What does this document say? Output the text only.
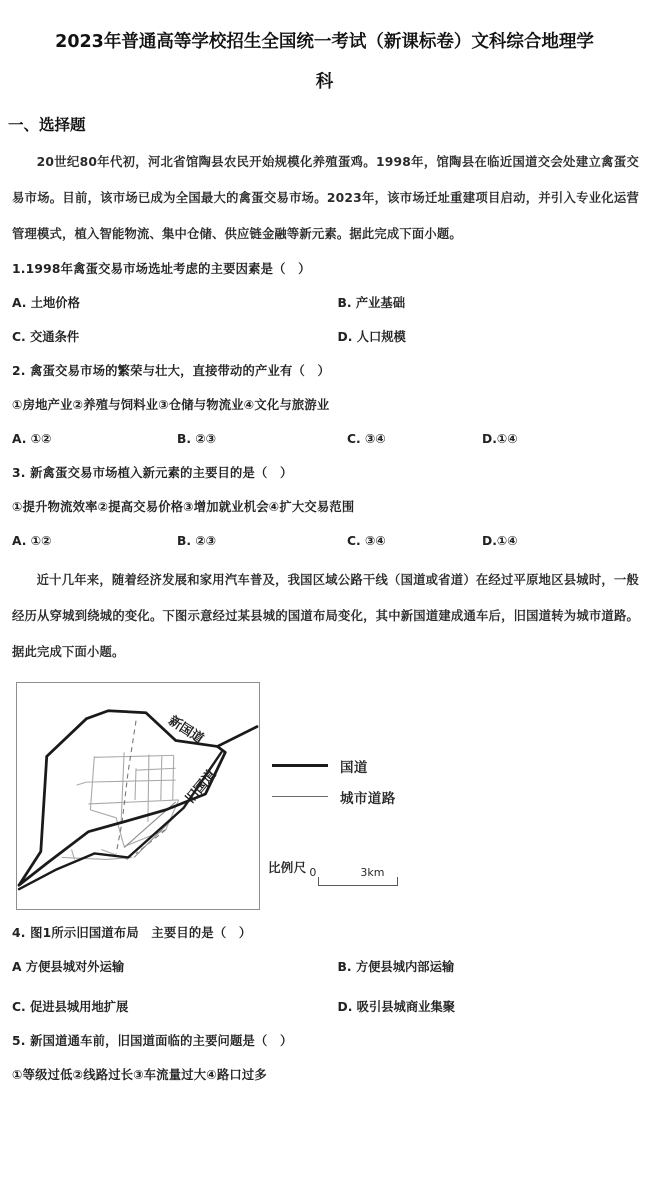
2023年普通高等学校招生全国统一考试（新课标卷）文科综合地理学
科
一、选择题

20世纪80年代初，河北省馆陶县农民开始规模化养殖蛋鸡。1998年，馆陶县在临近国道交会处建立禽蛋交易市场。目前，该市场已成为全国最大的禽蛋交易市场。2023年，该市场迁址重建项目启动，并引入专业化运营管理模式，植入智能物流、集中仓储、供应链金融等新元素。据此完成下面小题。

1.1998年禽蛋交易市场选址考虑的主要因素是（　）
A. 土地价格	B. 产业基础
C. 交通条件	D. 人口规模
2. 禽蛋交易市场的繁荣与壮大，直接带动的产业有（　）
①房地产业②养殖与饲料业③仓储与物流业④文化与旅游业
A. ①②	B. ②③	C. ③④	D.①④
3. 新禽蛋交易市场植入新元素的主要目的是（　）
①提升物流效率②提高交易价格③增加就业机会④扩大交易范围
A. ①②	B. ②③	C. ③④	D.①④

近十几年来，随着经济发展和家用汽车普及，我国区域公路干线（国道或省道）在经过平原地区县城时，一般经历从穿城到绕城的变化。下图示意经过某县城的国道布局变化，其中新国道建成通车后，旧国道转为城市道路。据此完成下面小题。

新国道
旧国道	国道
城市道路
比例尺 0	3km
4. 图1所示旧国道布局　主要目的是（　）
A 方便县城对外运输	B. 方便县城内部运输
C. 促进县城用地扩展	D. 吸引县城商业集聚
5. 新国道通车前，旧国道面临的主要问题是（　）
①等级过低②线路过长③车流量过大④路口过多
